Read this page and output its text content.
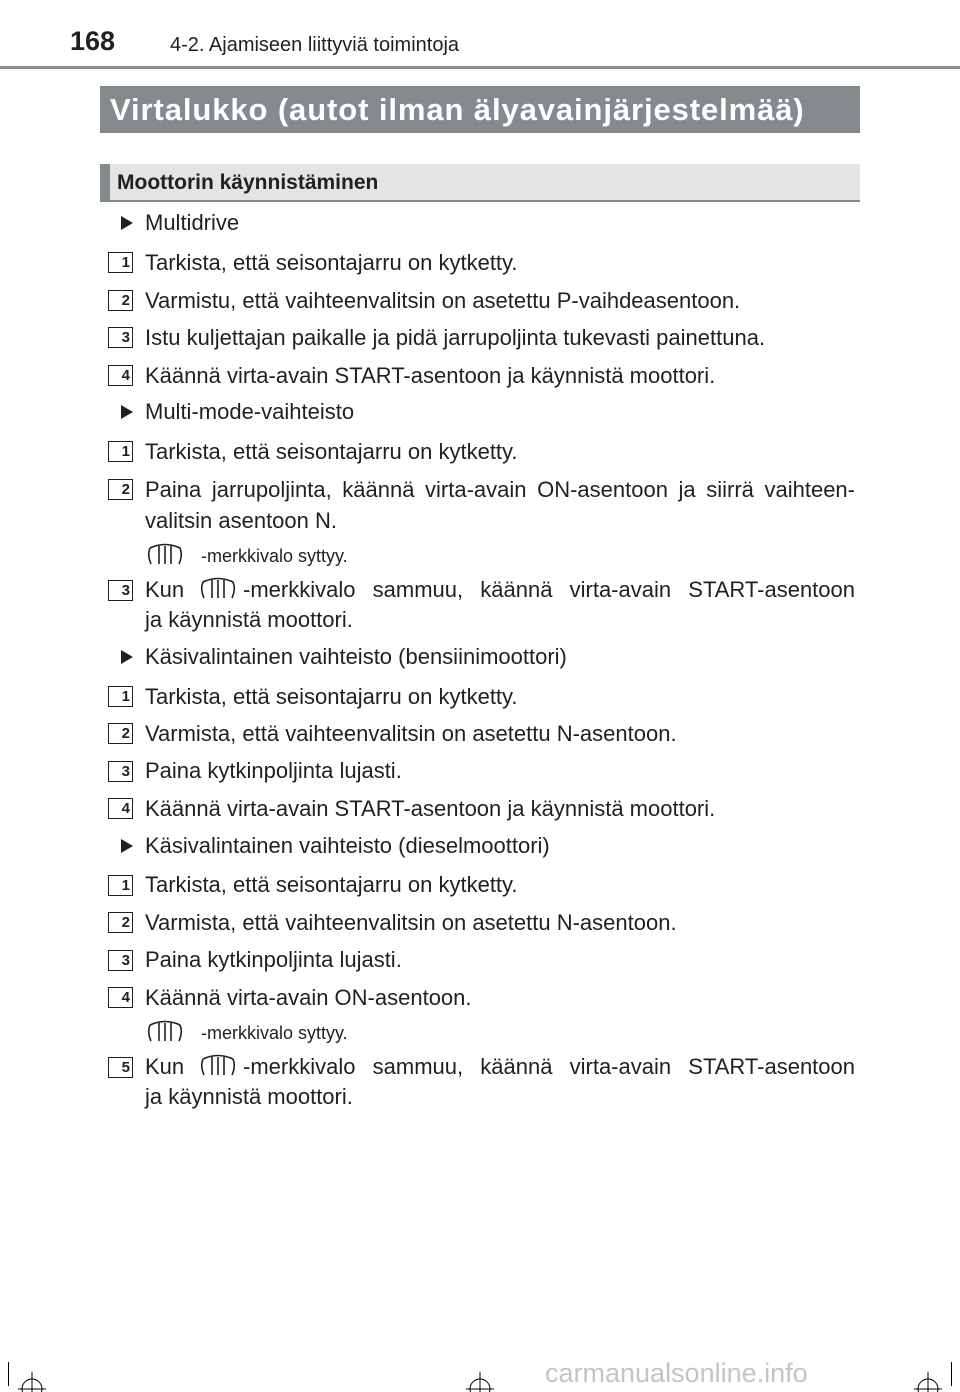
168	4-2. Ajamiseen liittyviä toimintoja
Virtalukko (autot ilman älyavainjärjestelmää)
Moottorin käynnistäminen
Multidrive
1 Tarkista, että seisontajarru on kytketty.
2 Varmistu, että vaihteenvalitsin on asetettu P-vaihdeasentoon.
3 Istu kuljettajan paikalle ja pidä jarrupoljinta tukevasti painettuna.
4 Käännä virta-avain START-asentoon ja käynnistä moottori.
Multi-mode-vaihteisto
1 Tarkista, että seisontajarru on kytketty.
2 Paina jarrupoljinta, käännä virta-avain ON-asentoon ja siirrä vaihteen-
valitsin asentoon N.
-merkkivalo syttyy.
3 Kun	-merkkivalo sammuu, käännä virta-avain START-asentoon
ja käynnistä moottori.
Käsivalintainen vaihteisto (bensiinimoottori)
1 Tarkista, että seisontajarru on kytketty.
2 Varmista, että vaihteenvalitsin on asetettu N-asentoon.
3 Paina kytkinpoljinta lujasti.
4 Käännä virta-avain START-asentoon ja käynnistä moottori.
Käsivalintainen vaihteisto (dieselmoottori)
1 Tarkista, että seisontajarru on kytketty.
2 Varmista, että vaihteenvalitsin on asetettu N-asentoon.
3 Paina kytkinpoljinta lujasti.
4 Käännä virta-avain ON-asentoon.
-merkkivalo syttyy.
5 Kun	-merkkivalo sammuu, käännä virta-avain START-asentoon
ja käynnistä moottori.
carmanualsonline.info
